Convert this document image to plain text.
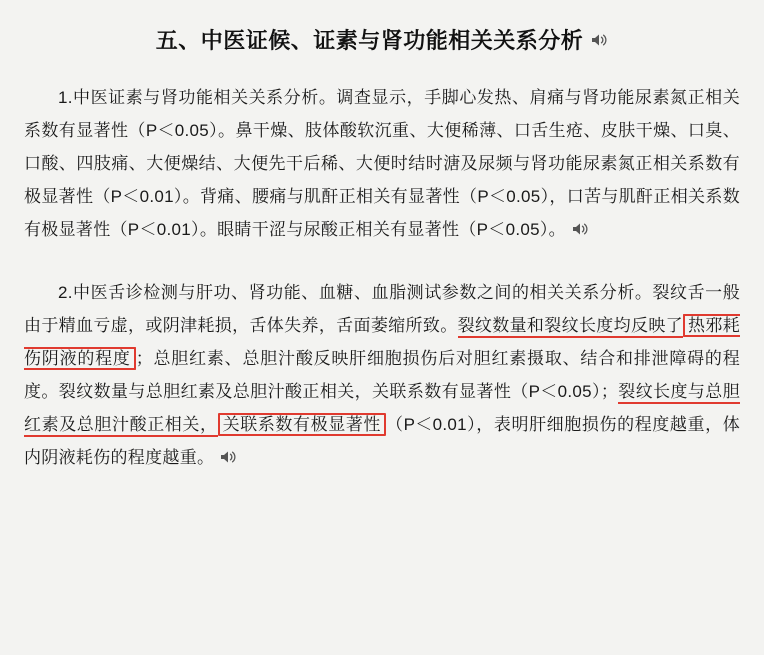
五、中医证候、证素与肾功能相关关系分析

1.中医证素与肾功能相关关系分析。调查显示，手脚心发热、肩痛与肾功能尿素氮正相关系数有显著性（P＜0.05）。鼻干燥、肢体酸软沉重、大便稀薄、口舌生疮、皮肤干燥、口臭、口酸、四肢痛、大便燥结、大便先干后稀、大便时结时溏及尿频与肾功能尿素氮正相关系数有极显著性（P＜0.01）。背痛、腰痛与肌酐正相关有显著性（P＜0.05），口苦与肌酐正相关系数有极显著性（P＜0.01）。眼睛干涩与尿酸正相关有显著性（P＜0.05）。

2.中医舌诊检测与肝功、肾功能、血糖、血脂测试参数之间的相关关系分析。裂纹舌一般由于精血亏虚，或阴津耗损，舌体失养，舌面萎缩所致。裂纹数量和裂纹长度均反映了 热邪耗伤阴液的程度 ；总胆红素、总胆汁酸反映肝细胞损伤后对胆红素摄取、结合和排泄障碍的程度。裂纹数量与总胆红素及总胆汁酸正相关，关联系数有显著性（P＜0.05）；裂纹长度与总胆红素及总胆汁酸正相关， 关联系数有极显著性 （P＜0.01），表明肝细胞损伤的程度越重，体内阴液耗伤的程度越重。
